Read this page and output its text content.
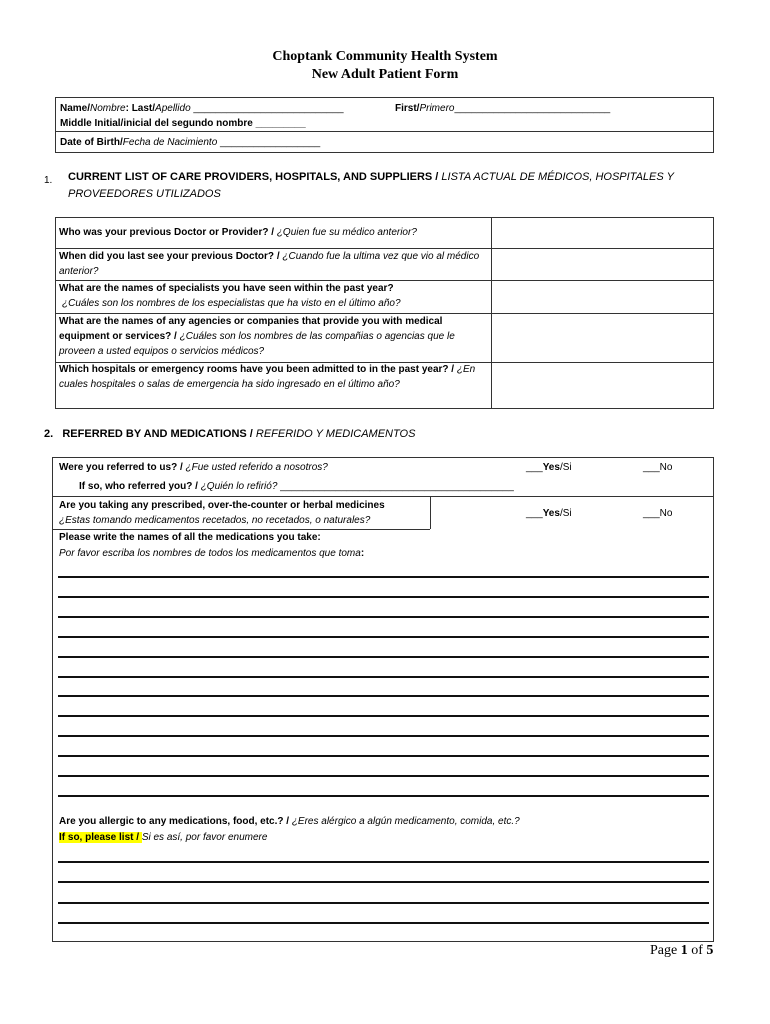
Choptank Community Health System
New Adult Patient Form
Name/Nombre: Last/Apellido ___________________________	First/Primero____________________________
Middle Initial/inicial del segundo nombre _________
Date of Birth/Fecha de Nacimiento __________________
1. CURRENT LIST OF CARE PROVIDERS, HOSPITALS, AND SUPPLIERS / LISTA ACTUAL DE MÉDICOS, HOSPITALES Y
PROVEEDORES UTILIZADOS
Who was your previous Doctor or Provider? / ¿Quien fue su médico anterior?
When did you last see your previous Doctor? / ¿Cuando fue la ultima vez que vio al médico anterior?
What are the names of specialists you have seen within the past year?
¿Cuáles son los nombres de los especialistas que ha visto en el último año?
What are the names of any agencies or companies that provide you with medical equipment or services? / ¿Cuáles son los nombres de las compañias o agencias que le proveen a usted equipos o servicios médicos?
Which hospitals or emergency rooms have you been admitted to in the past year? / ¿En cuales hospitales o salas de emergencia ha sido ingresado en el último año?
2. REFERRED BY AND MEDICATIONS / REFERIDO Y MEDICAMENTOS
Were you referred to us? / ¿Fue usted referido a nosotros?	___Yes/Si	___No
If so, who referred you? / ¿Quién lo refirió? __________________________________________
Are you taking any prescribed, over-the-counter or herbal medicines
¿Estas tomando medicamentos recetados, no recetados, o naturales?
___Yes/Si	___No
Please write the names of all the medications you take:
Por favor escriba los nombres de todos los medicamentos que toma:
Are you allergic to any medications, food, etc.? / ¿Eres alérgico a algún medicamento, comida, etc.?
If so, please list / Si es así, por favor enumere
Page 1 of 5
